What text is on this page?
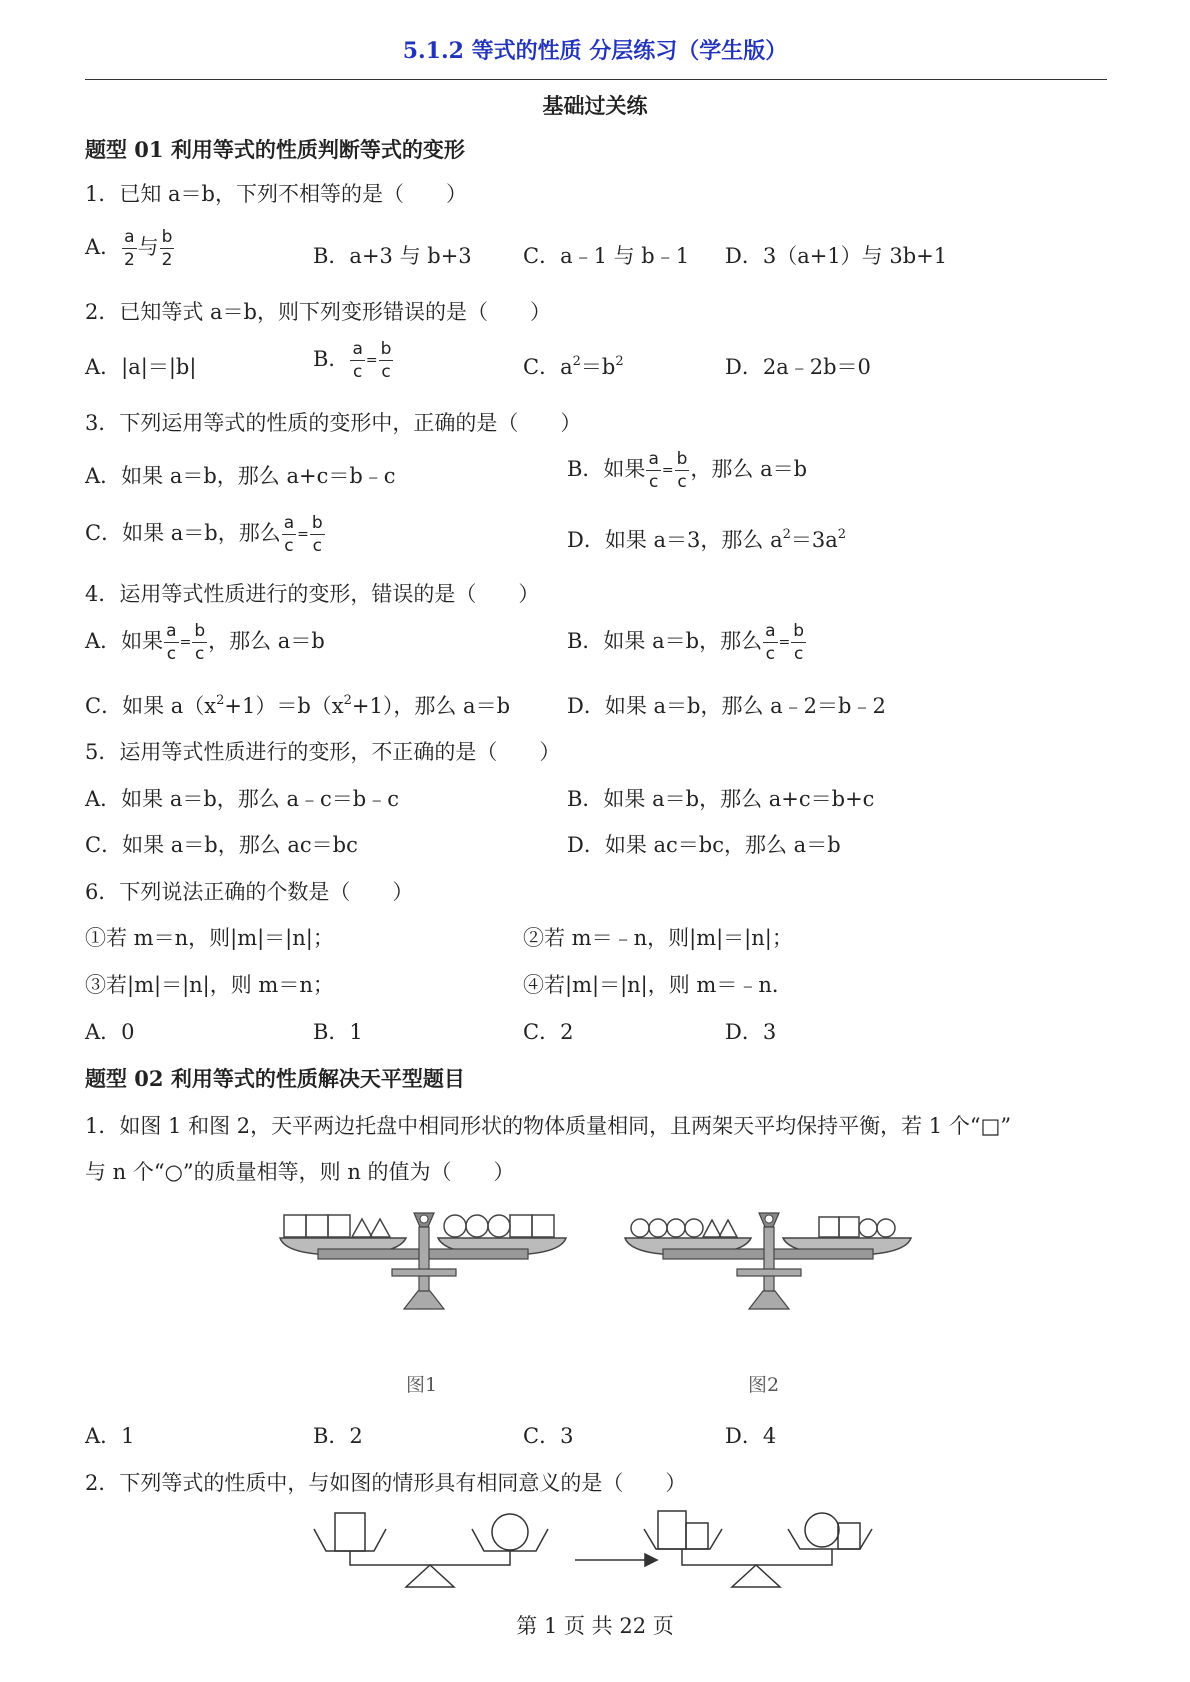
5.1.2 等式的性质 分层练习（学生版）
基础过关练
题型 01 利用等式的性质判断等式的变形
1．已知 a＝b，下列不相等的是（　　）
A． $\frac{a}{2}$ 与 $\frac{b}{2}$	B．a+3 与 b+3 C．a﹣1 与 b﹣1 D．3（a+1）与 3b+1
2．已知等式 a＝b，则下列变形错误的是（　　）
A．|a|＝|b|	B． $\frac{a}{c} = \frac{b}{c}$	C．$a^2=b^2$	D．2a﹣2b＝0
3．下列运用等式的性质的变形中，正确的是（　　）
A．如果 a＝b，那么 a+c＝b﹣c	B．如果 $\frac{a}{c} = \frac{b}{c}$ ，那么 a＝b
C．如果 a＝b，那么 $\frac{a}{c} = \frac{b}{c}$	D．如果 a＝3，那么 $a^2=3a^2$
4．运用等式性质进行的变形，错误的是（　　）
A．如果 $\frac{a}{c} = \frac{b}{c}$ ，那么 a＝b	B．如果 a＝b，那么 $\frac{a}{c} = \frac{b}{c}$
C．如果 $a(x^2+1)=b(x^2+1)$，那么 a＝b	D．如果 a＝b，那么 a﹣2＝b﹣2
5．运用等式性质进行的变形，不正确的是（　　）
A．如果 a＝b，那么 a﹣c＝b﹣c	B．如果 a＝b，那么 a+c＝b+c
C．如果 a＝b，那么 ac＝bc	D．如果 ac＝bc，那么 a＝b
6．下列说法正确的个数是（　　）
①若 m＝n，则|m|＝|n|；	②若 m＝﹣n，则|m|＝|n|；
③若|m|＝|n|，则 m＝n；	④若|m|＝|n|，则 m＝﹣n．
A．0	B．1	C．2	D．3
题型 02 利用等式的性质解决天平型题目
1．如图 1 和图 2，天平两边托盘中相同形状的物体质量相同，且两架天平均保持平衡，若 1 个“□”
与 n 个“○”的质量相等，则 n 的值为（　　）
图1	图2
A．1	B．2	C．3	D．4
2．下列等式的性质中，与如图的情形具有相同意义的是（　　）
第 1 页 共 22 页
